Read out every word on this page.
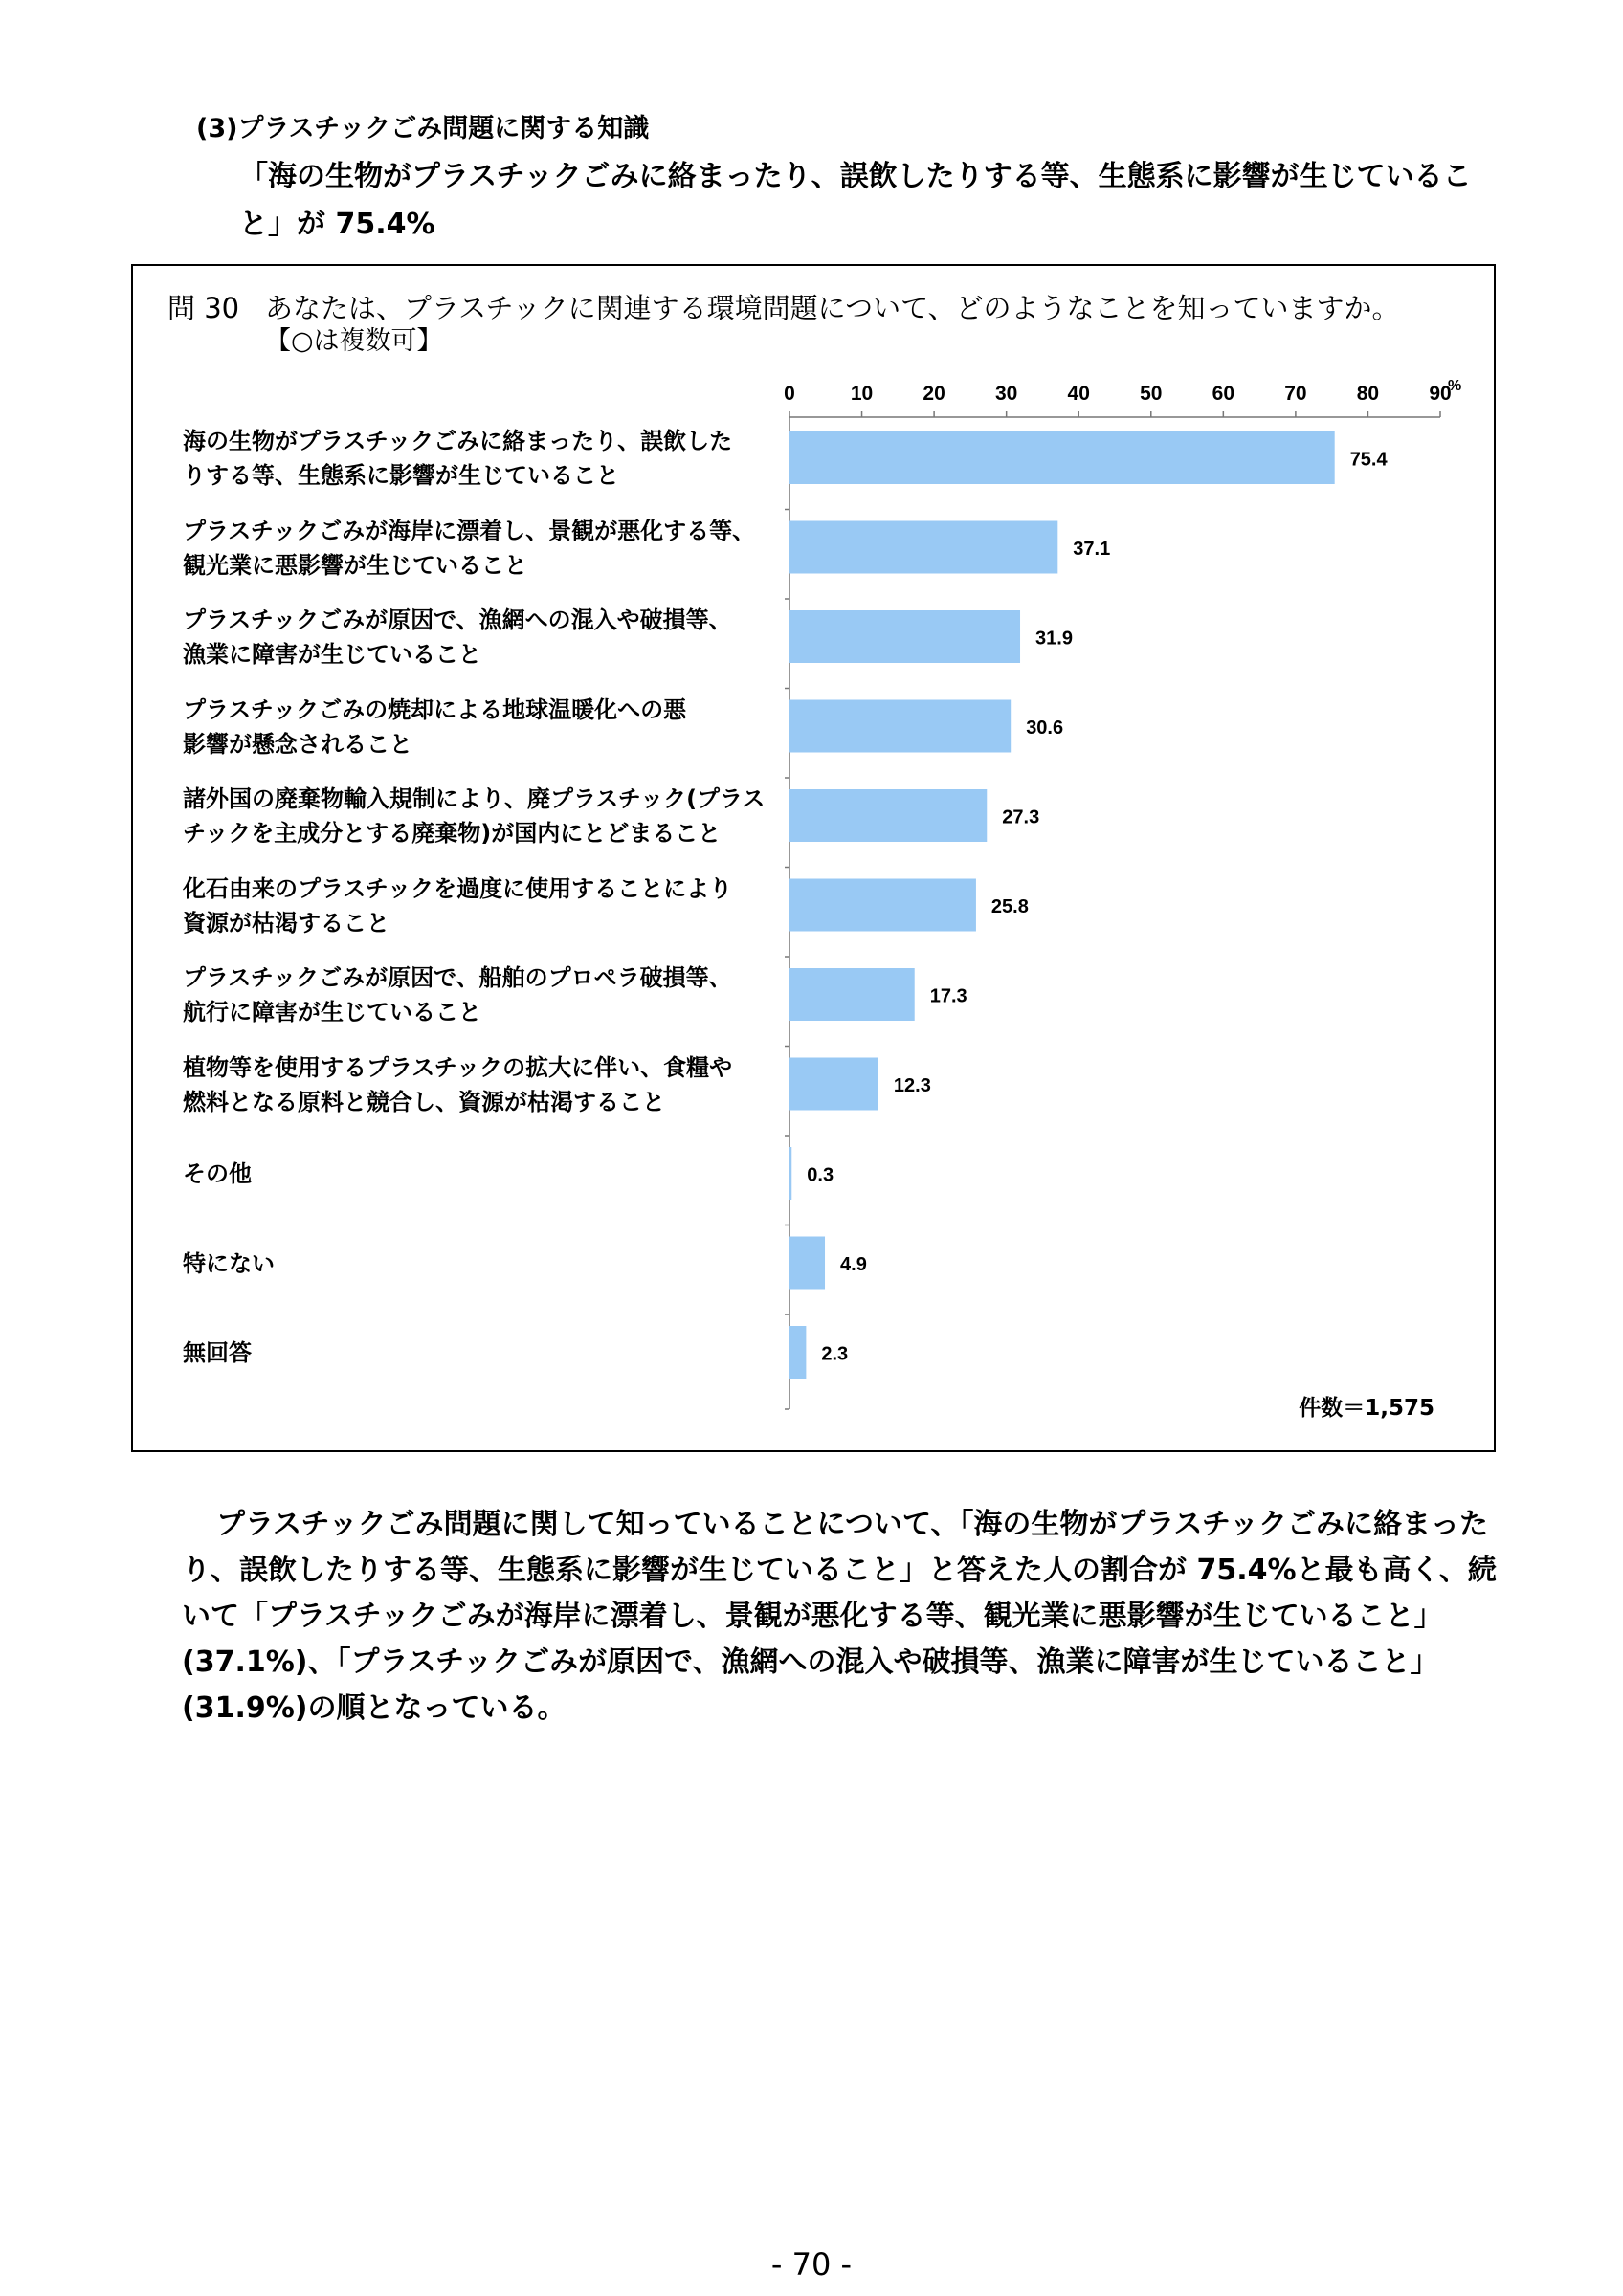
(3)プラスチックごみ問題に関する知識
「海の生物がプラスチックごみに絡まったり、誤飲したりする等、生態系に影響が生じていること」が 75.4%
問 30 あなたは、プラスチックに関連する環境問題について、どのようなことを知っていますか。
【○は複数可】
海の生物がプラスチックごみに絡まったり、誤飲した
りする等、生態系に影響が生じていること
プラスチックごみが海岸に漂着し、景観が悪化する等、
観光業に悪影響が生じていること
プラスチックごみが原因で、漁網への混入や破損等、
漁業に障害が生じていること
プラスチックごみの焼却による地球温暖化への悪
影響が懸念されること
諸外国の廃棄物輸入規制により、廃プラスチック(プラス
チックを主成分とする廃棄物)が国内にとどまること
化石由来のプラスチックを過度に使用することにより
資源が枯渇すること
プラスチックごみが原因で、船舶のプロペラ破損等、
航行に障害が生じていること
植物等を使用するプラスチックの拡大に伴い、食糧や
燃料となる原料と競合し、資源が枯渇すること
その他
特にない
無回答
0	10 20 30 40 50 60 70 80 90
%
75.4
37.1
31.9
30.6
27.3
25.8
17.3
12.3
0.3
4.9
2.3
件数＝1,575
プラスチックごみ問題に関して知っていることについて、「海の生物がプラスチックごみに絡まったり、誤飲したりする等、生態系に影響が生じていること」と答えた人の割合が 75.4%と最も高く、続いて「プラスチックごみが海岸に漂着し、景観が悪化する等、観光業に悪影響が生じていること」(37.1%)、「プラスチックごみが原因で、漁網への混入や破損等、漁業に障害が生じていること」(31.9%)の順となっている。
- 70 -
